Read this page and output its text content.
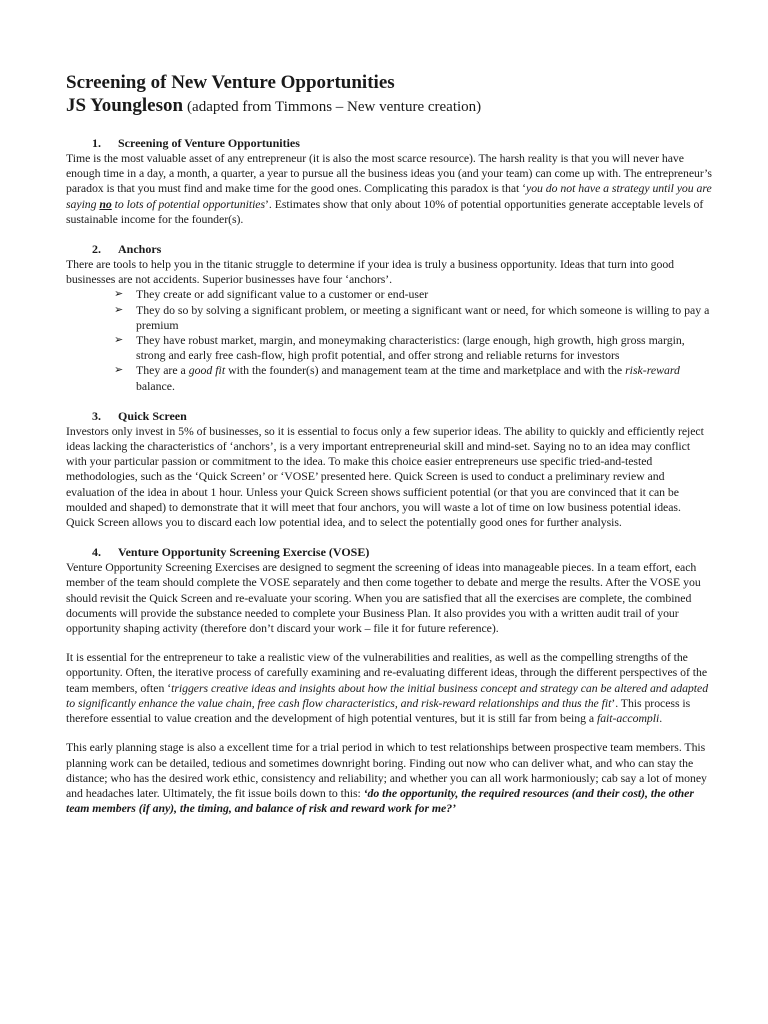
Screening of New Venture Opportunities
JS Youngleson (adapted from Timmons – New venture creation)
1. Screening of Venture Opportunities

Time is the most valuable asset of any entrepreneur (it is also the most scarce resource). The harsh reality is that you will never have enough time in a day, a month, a quarter, a year to pursue all the business ideas you (and your team) can come up with. The entrepreneur’s paradox is that you must find and make time for the good ones. Complicating this paradox is that ‘you do not have a strategy until you are saying no to lots of potential opportunities’. Estimates show that only about 10% of potential opportunities generate acceptable levels of sustainable income for the founder(s).

2. Anchors

There are tools to help you in the titanic struggle to determine if your idea is truly a business opportunity. Ideas that turn into good businesses are not accidents. Superior businesses have four ‘anchors’.

➢ They create or add significant value to a customer or end-user
➢ They do so by solving a significant problem, or meeting a significant want or need, for which someone is willing to pay a premium
➢ They have robust market, margin, and moneymaking characteristics: (large enough, high growth, high gross margin, strong and early free cash-flow, high profit potential, and offer strong and reliable returns for investors
➢ They are a good fit with the founder(s) and management team at the time and marketplace and with the risk-reward balance.
3. Quick Screen

Investors only invest in 5% of businesses, so it is essential to focus only a few superior ideas. The ability to quickly and efficiently reject ideas lacking the characteristics of ‘anchors’, is a very important entrepreneurial skill and mind-set. Saying no to an idea may conflict with your particular passion or commitment to the idea. To make this choice easier entrepreneurs use specific tried-and-tested methodologies, such as the ‘Quick Screen’ or ‘VOSE’ presented here. Quick Screen is used to conduct a preliminary review and evaluation of the idea in about 1 hour. Unless your Quick Screen shows sufficient potential (or that you are convinced that it can be moulded and shaped) to demonstrate that it will meet that four anchors, you will waste a lot of time on low business potential ideas. Quick Screen allows you to discard each low potential idea, and to select the potentially good ones for further analysis.

4. Venture Opportunity Screening Exercise (VOSE)

Venture Opportunity Screening Exercises are designed to segment the screening of ideas into manageable pieces. In a team effort, each member of the team should complete the VOSE separately and then come together to debate and merge the results. After the VOSE you should revisit the Quick Screen and re-evaluate your scoring. When you are satisfied that all the exercises are complete, the combined documents will provide the substance needed to complete your Business Plan. It also provides you with a written audit trail of your opportunity shaping activity (therefore don’t discard your work – file it for future reference).

It is essential for the entrepreneur to take a realistic view of the vulnerabilities and realities, as well as the compelling strengths of the opportunity. Often, the iterative process of carefully examining and re-evaluating different ideas, through the different perspectives of the team members, often ‘triggers creative ideas and insights about how the initial business concept and strategy can be altered and adapted to significantly enhance the value chain, free cash flow characteristics, and risk-reward relationships and thus the fit’. This process is therefore essential to value creation and the development of high potential ventures, but it is still far from being a fait-accompli.

This early planning stage is also a excellent time for a trial period in which to test relationships between prospective team members. This planning work can be detailed, tedious and sometimes downright boring. Finding out now who can deliver what, and who can stay the distance; who has the desired work ethic, consistency and reliability; and whether you can all work harmoniously; cab say a lot of money and headaches later. Ultimately, the fit issue boils down to this: ‘do the opportunity, the required resources (and their cost), the other team members (if any), the timing, and balance of risk and reward work for me?’
